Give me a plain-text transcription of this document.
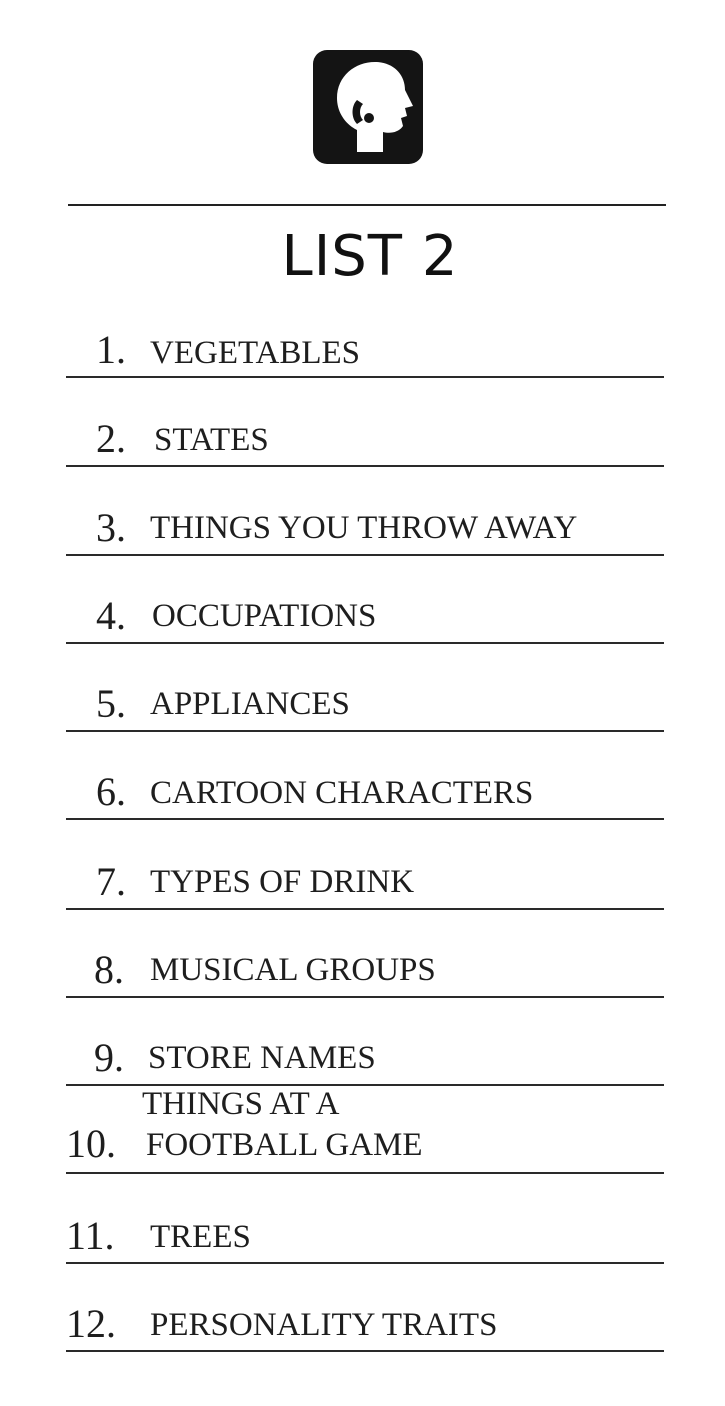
LIST 2
1. VEGETABLES
2. STATES
3. THINGS YOU THROW AWAY
4. OCCUPATIONS
5. APPLIANCES
6. CARTOON CHARACTERS
7. TYPES OF DRINK
8. MUSICAL GROUPS
9. STORE NAMES
10.
THINGS AT A
FOOTBALL GAME
11. TREES
12. PERSONALITY TRAITS
